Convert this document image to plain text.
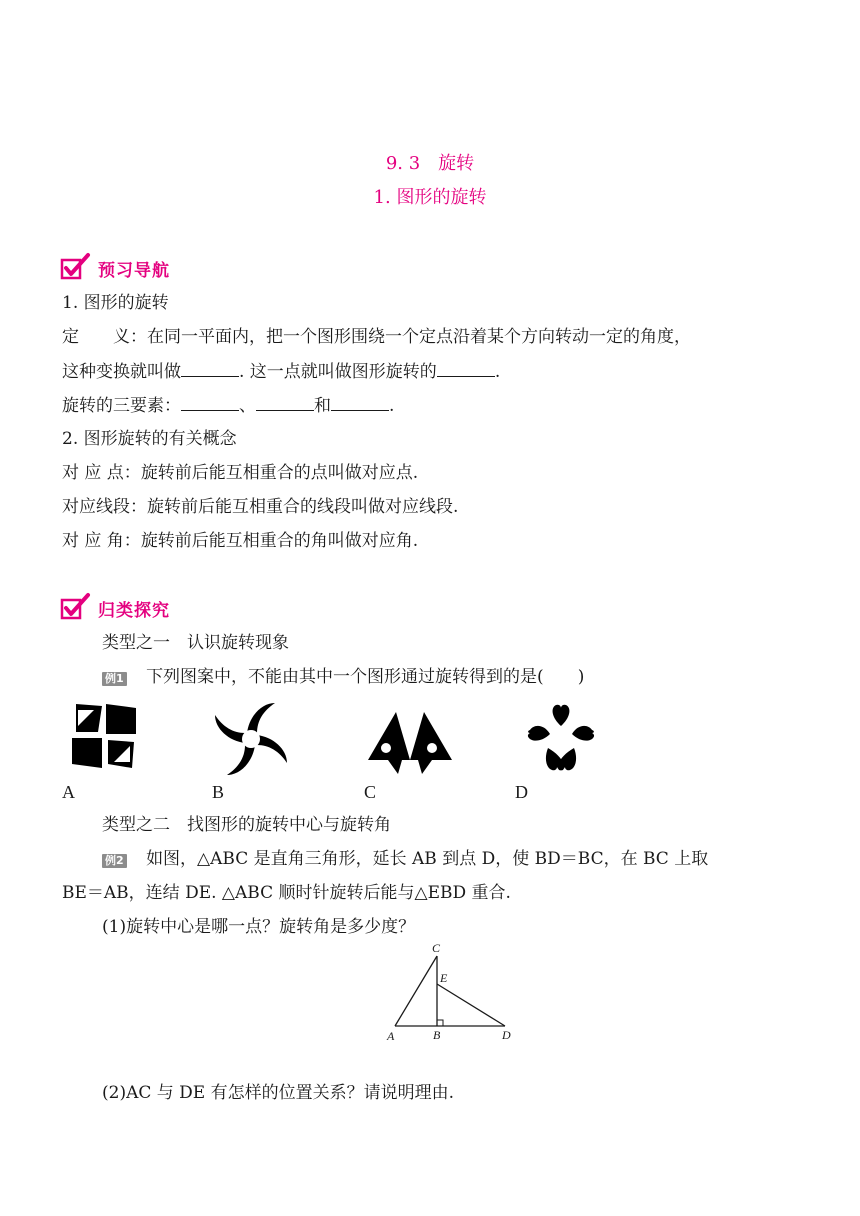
9. 3　旋转
1. 图形的旋转
预习导航
1. 图形的旋转
定　　义：在同一平面内，把一个图形围绕一个定点沿着某个方向转动一定的角度，
这种变换就叫做	. 这一点就叫做图形旋转的	.
旋转的三要素：	、	和	.
2. 图形旋转的有关概念
对 应 点：旋转前后能互相重合的点叫做对应点.
对应线段：旋转前后能互相重合的线段叫做对应线段.
对 应 角：旋转前后能互相重合的角叫做对应角.
归类探究
类型之一　认识旋转现象
例1 下列图案中，不能由其中一个图形通过旋转得到的是(　　)
A	B	C	D
类型之二　找图形的旋转中心与旋转角
例2 如图，△ABC 是直角三角形，延长 AB 到点 D，使 BD＝BC，在 BC 上取
BE＝AB，连结 DE. △ABC 顺时针旋转后能与△EBD 重合.
(1)旋转中心是哪一点？旋转角是多少度？
C
E
A	B	D
(2)AC 与 DE 有怎样的位置关系？请说明理由.
